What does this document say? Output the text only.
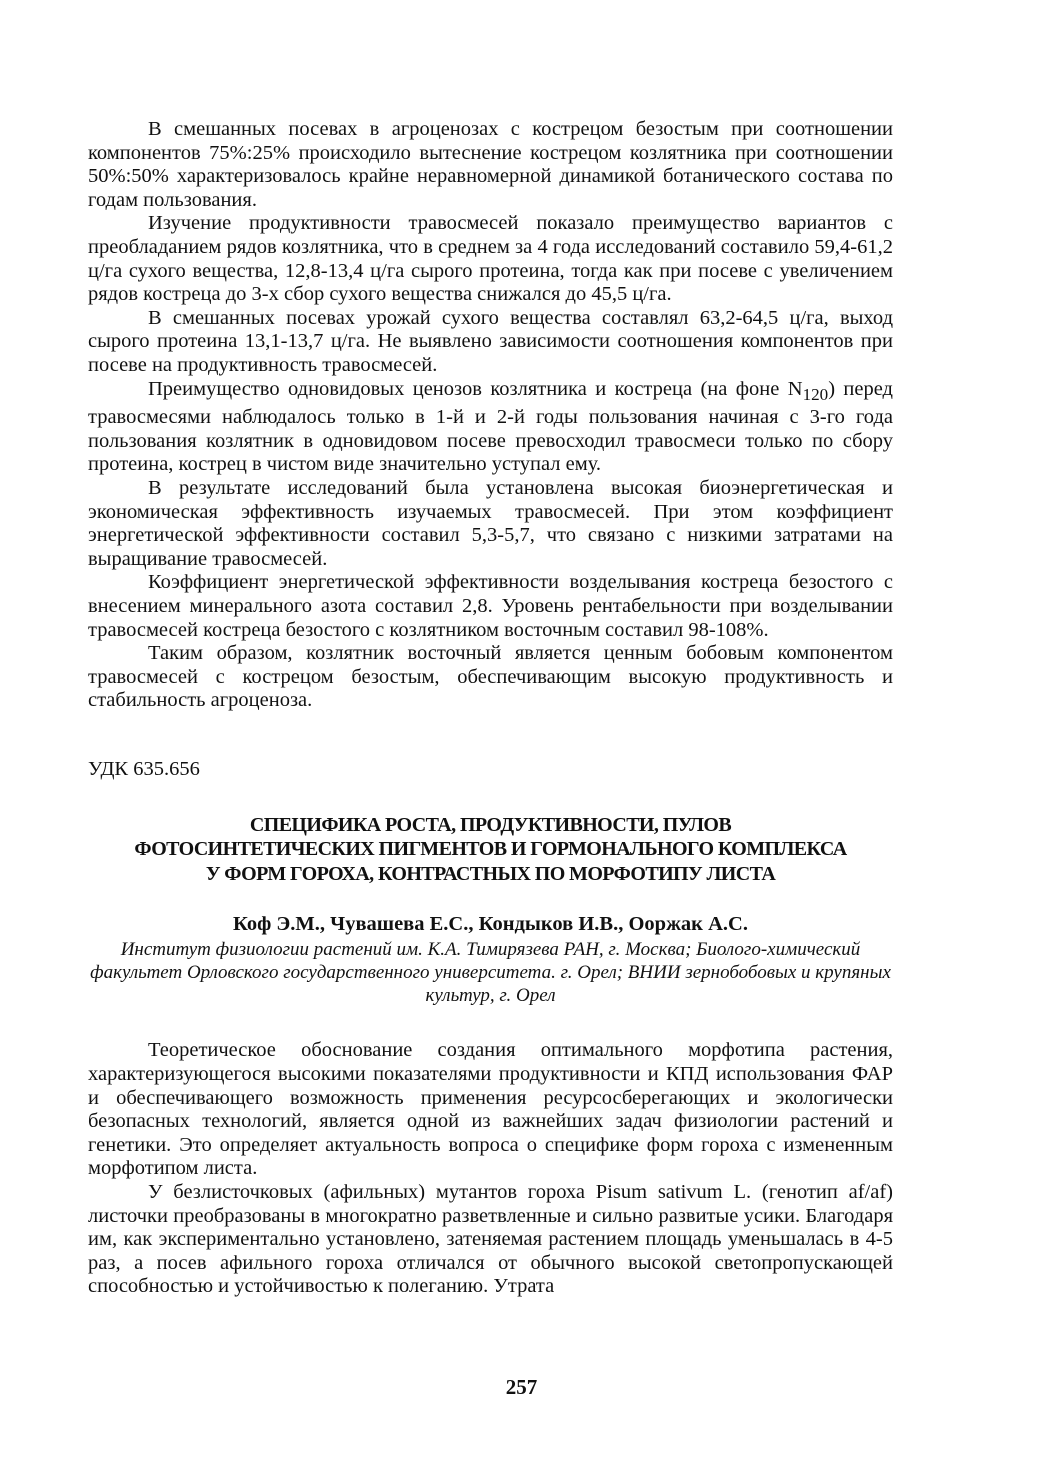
В смешанных посевах в агроценозах с кострецом безостым при соотношении компонентов 75%:25% происходило вытеснение кострецом козлятника при соотношении 50%:50% характеризовалось крайне неравномерной динамикой ботанического состава по годам пользования.

Изучение продуктивности травосмесей показало преимущество вариантов с преобладанием рядов козлятника, что в среднем за 4 года исследований составило 59,4-61,2 ц/га сухого вещества, 12,8-13,4 ц/га сырого протеина, тогда как при посеве с увеличением рядов костреца до 3-х сбор сухого вещества снижался до 45,5 ц/га.

В смешанных посевах урожай сухого вещества составлял 63,2-64,5 ц/га, выход сырого протеина 13,1-13,7 ц/га. Не выявлено зависимости соотношения компонентов при посеве на продуктивность травосмесей.

Преимущество одновидовых ценозов козлятника и костреца (на фоне $N_{120}$) перед травосмесями наблюдалось только в 1-й и 2-й годы пользования начиная с 3-го года пользования козлятник в одновидовом посеве превосходил травосмеси только по сбору протеина, кострец в чистом виде значительно уступал ему.

В результате исследований была установлена высокая биоэнергетическая и экономическая эффективность изучаемых травосмесей. При этом коэффициент энергетической эффективности составил 5,3-5,7, что связано с низкими затратами на выращивание травосмесей.

Коэффициент энергетической эффективности возделывания костреца безостого с внесением минерального азота составил 2,8. Уровень рентабельности при возделывании травосмесей костреца безостого с козлятником восточным составил 98-108%.

Таким образом, козлятник восточный является ценным бобовым компонентом травосмесей с кострецом безостым, обеспечивающим высокую продуктивность и стабильность агроценоза.

УДК 635.656

СПЕЦИФИКА РОСТА, ПРОДУКТИВНОСТИ, ПУЛОВ
ФОТОСИНТЕТИЧЕСКИХ ПИГМЕНТОВ И ГОРМОНАЛЬНОГО КОМПЛЕКСА
У ФОРМ ГОРОХА, КОНТРАСТНЫХ ПО МОРФОТИПУ ЛИСТА

Коф Э.М., Чувашева Е.С., Кондыков И.В., Ооржак А.С.

Институт физиологии растений им. К.А. Тимирязева РАН, г. Москва; Биолого-химический факультет Орловского государственного университета. г. Орел; ВНИИ зернобобовых и крупяных культур, г. Орел

Теоретическое обоснование создания оптимального морфотипа растения, характеризующегося высокими показателями продуктивности и КПД использования ФАР и обеспечивающего возможность применения ресурсосберегающих и экологически безопасных технологий, является одной из важнейших задач физиологии растений и генетики. Это определяет актуальность вопроса о специфике форм гороха с измененным морфотипом листа.

У безлисточковых (афильных) мутантов гороха Pisum sativum L. (генотип af/af) листочки преобразованы в многократно разветвленные и сильно развитые усики. Благодаря им, как экспериментально установлено, затеняемая растением площадь уменьшалась в 4-5 раз, а посев афильного гороха отличался от обычного высокой светопропускающей способностью и устойчивостью к полеганию. Утрата

257
